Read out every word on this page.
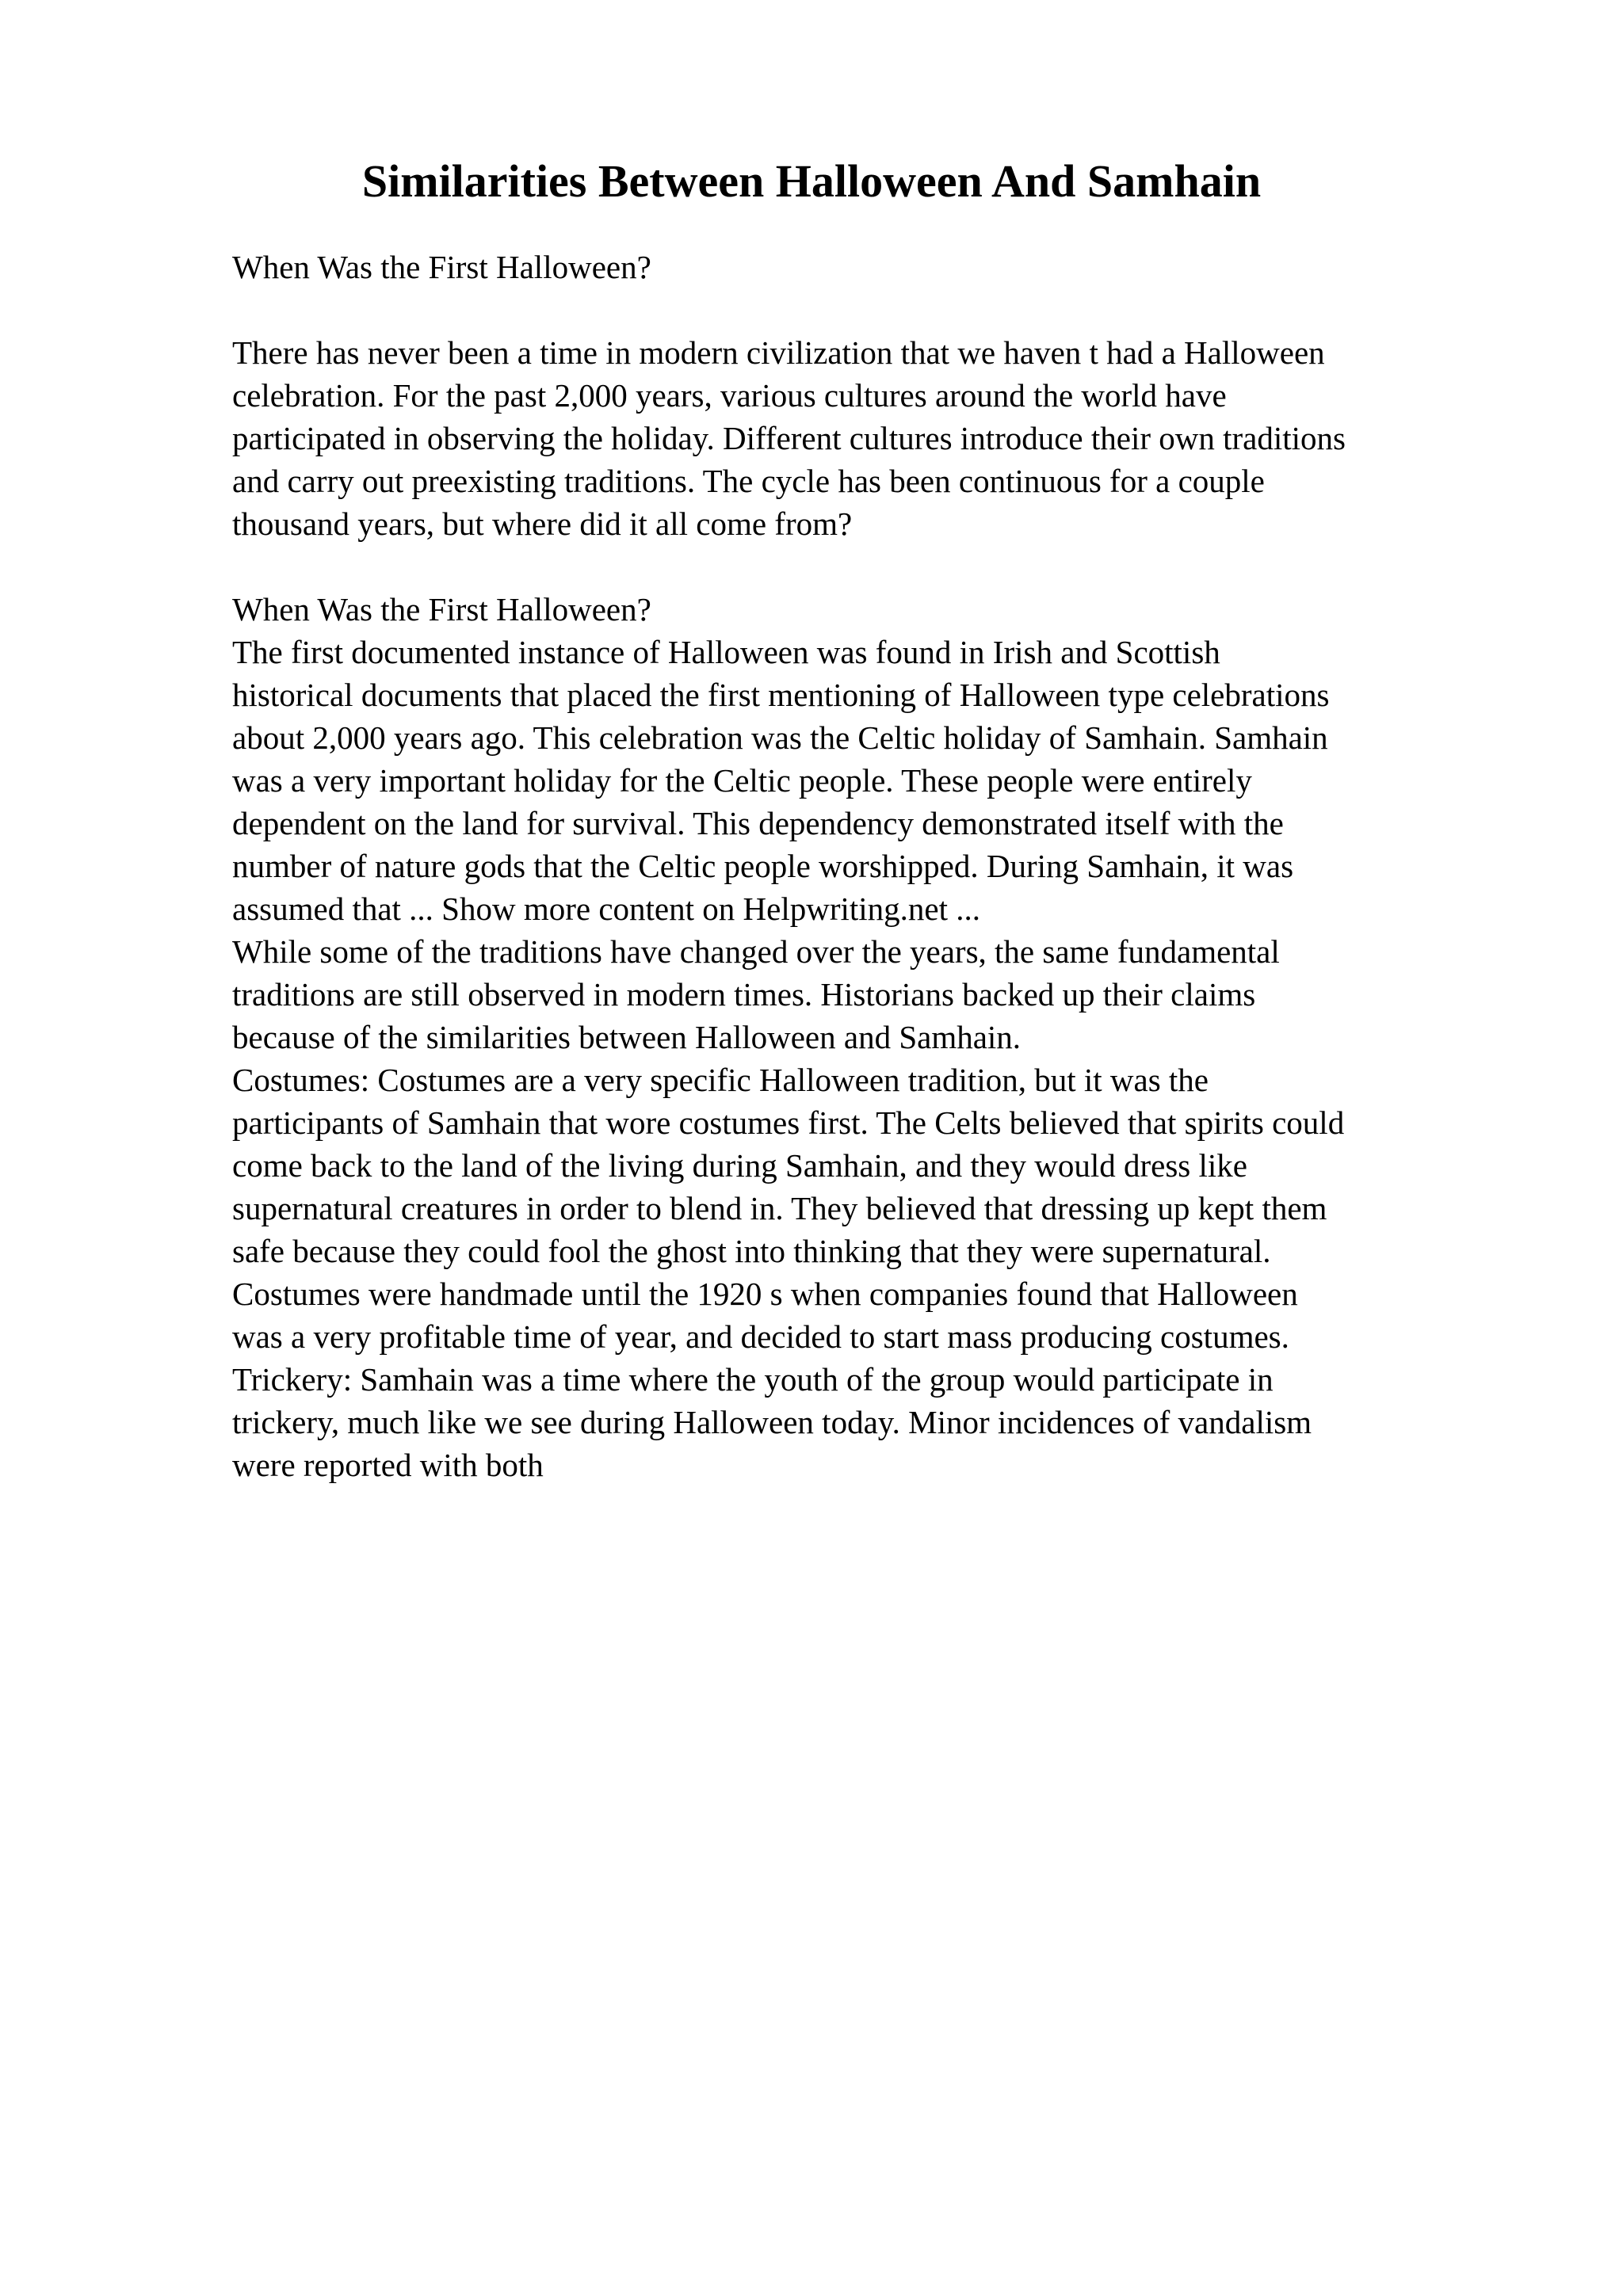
Similarities Between Halloween And Samhain
When Was the First Halloween?
There has never been a time in modern civilization that we haven t had a Halloween
celebration. For the past 2,000 years, various cultures around the world have
participated in observing the holiday. Different cultures introduce their own traditions
and carry out preexisting traditions. The cycle has been continuous for a couple
thousand years, but where did it all come from?
When Was the First Halloween?
The first documented instance of Halloween was found in Irish and Scottish
historical documents that placed the first mentioning of Halloween type celebrations
about 2,000 years ago. This celebration was the Celtic holiday of Samhain. Samhain
was a very important holiday for the Celtic people. These people were entirely
dependent on the land for survival. This dependency demonstrated itself with the
number of nature gods that the Celtic people worshipped. During Samhain, it was
assumed that ... Show more content on Helpwriting.net ...
While some of the traditions have changed over the years, the same fundamental
traditions are still observed in modern times. Historians backed up their claims
because of the similarities between Halloween and Samhain.
Costumes: Costumes are a very specific Halloween tradition, but it was the
participants of Samhain that wore costumes first. The Celts believed that spirits could
come back to the land of the living during Samhain, and they would dress like
supernatural creatures in order to blend in. They believed that dressing up kept them
safe because they could fool the ghost into thinking that they were supernatural.
Costumes were handmade until the 1920 s when companies found that Halloween
was a very profitable time of year, and decided to start mass producing costumes.
Trickery: Samhain was a time where the youth of the group would participate in
trickery, much like we see during Halloween today. Minor incidences of vandalism
were reported with both
